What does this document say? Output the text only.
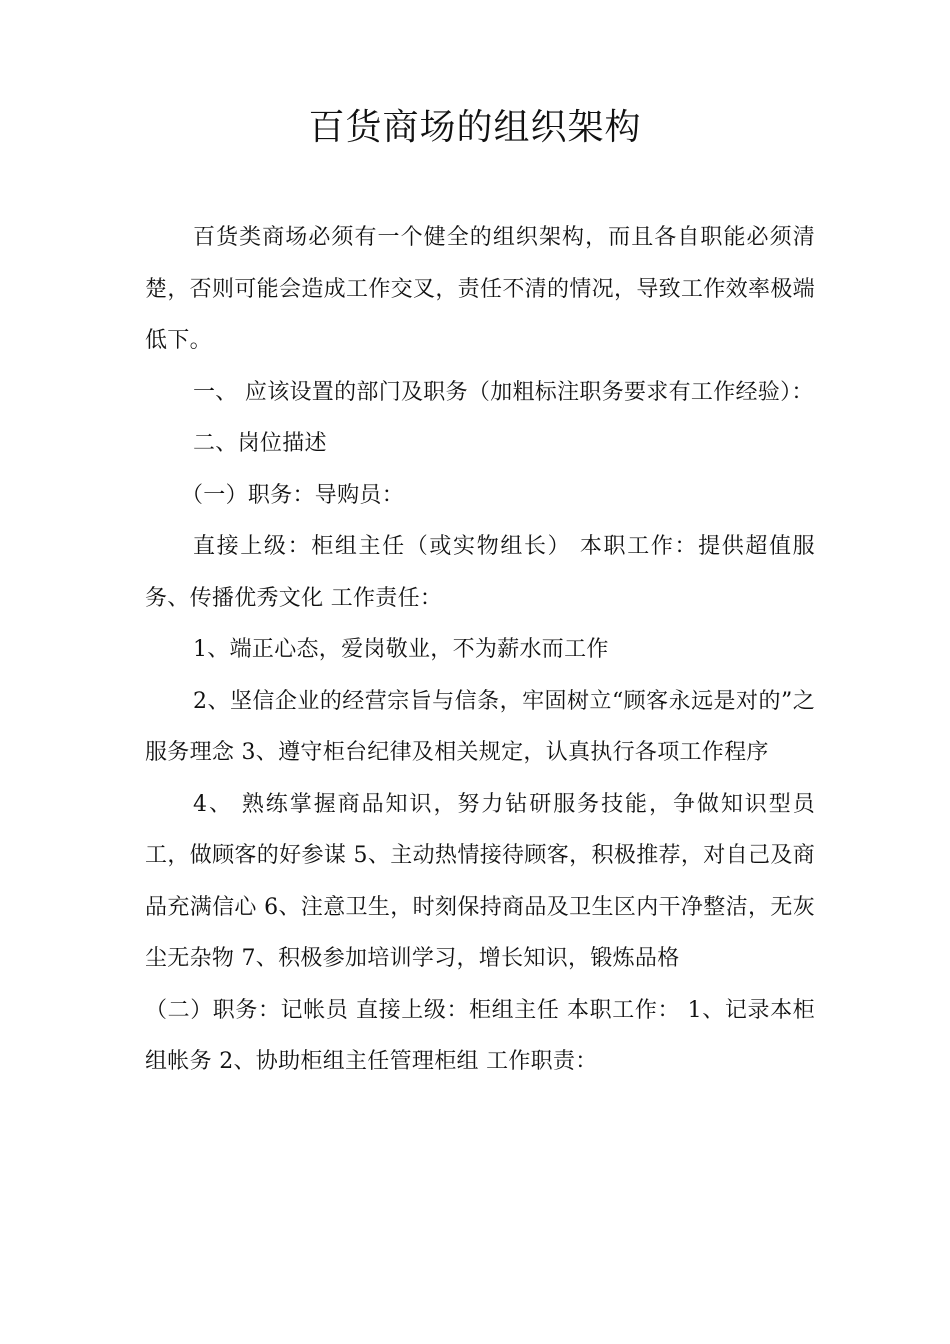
百货商场的组织架构

百货类商场必须有一个健全的组织架构，而且各自职能必须清楚，否则可能会造成工作交叉，责任不清的情况，导致工作效率极端低下。

一、 应该设置的部门及职务（加粗标注职务要求有工作经验）：

二、岗位描述

（一）职务：导购员：

直接上级：柜组主任（或实物组长） 本职工作：提供超值服务、传播优秀文化 工作责任：

1、端正心态，爱岗敬业，不为薪水而工作

2、坚信企业的经营宗旨与信条，牢固树立“顾客永远是对的”之服务理念 3、遵守柜台纪律及相关规定，认真执行各项工作程序

4、 熟练掌握商品知识，努力钻研服务技能，争做知识型员工，做顾客的好参谋 5、主动热情接待顾客，积极推荐，对自己及商品充满信心 6、注意卫生，时刻保持商品及卫生区内干净整洁，无灰尘无杂物 7、积极参加培训学习，增长知识，锻炼品格

（二）职务：记帐员 直接上级：柜组主任 本职工作： 1、记录本柜组帐务 2、协助柜组主任管理柜组 工作职责：
